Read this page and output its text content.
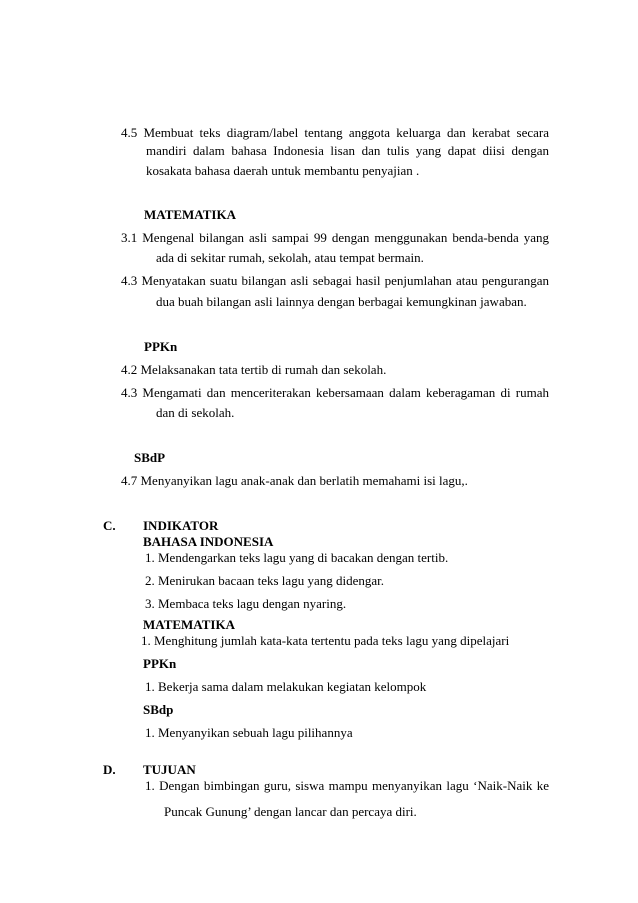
4.5 Membuat teks diagram/label tentang anggota keluarga dan kerabat secara
mandiri dalam bahasa Indonesia lisan dan tulis yang dapat diisi dengan
kosakata bahasa daerah untuk membantu penyajian .
MATEMATIKA
3.1 Mengenal bilangan asli sampai 99 dengan menggunakan benda-benda yang
ada di sekitar rumah, sekolah, atau tempat bermain.
4.3 Menyatakan suatu bilangan asli sebagai hasil penjumlahan atau pengurangan
dua buah bilangan asli lainnya dengan berbagai kemungkinan jawaban.
PPKn
4.2 Melaksanakan tata tertib di rumah dan sekolah.
4.3 Mengamati dan menceriterakan kebersamaan dalam keberagaman di rumah
dan di sekolah.
SBdP
4.7 Menyanyikan lagu anak-anak dan berlatih memahami isi lagu,.
C. INDIKATOR
BAHASA INDONESIA
1. Mendengarkan teks lagu yang di bacakan dengan tertib.
2. Menirukan bacaan teks lagu yang didengar.
3. Membaca teks lagu dengan nyaring.
MATEMATIKA
1. Menghitung jumlah kata-kata tertentu pada teks lagu yang dipelajari
PPKn
1. Bekerja sama dalam melakukan kegiatan kelompok
SBdp
1. Menyanyikan sebuah lagu pilihannya
D. TUJUAN
1. Dengan bimbingan guru, siswa mampu menyanyikan lagu ‘Naik-Naik ke
Puncak Gunung’ dengan lancar dan percaya diri.
